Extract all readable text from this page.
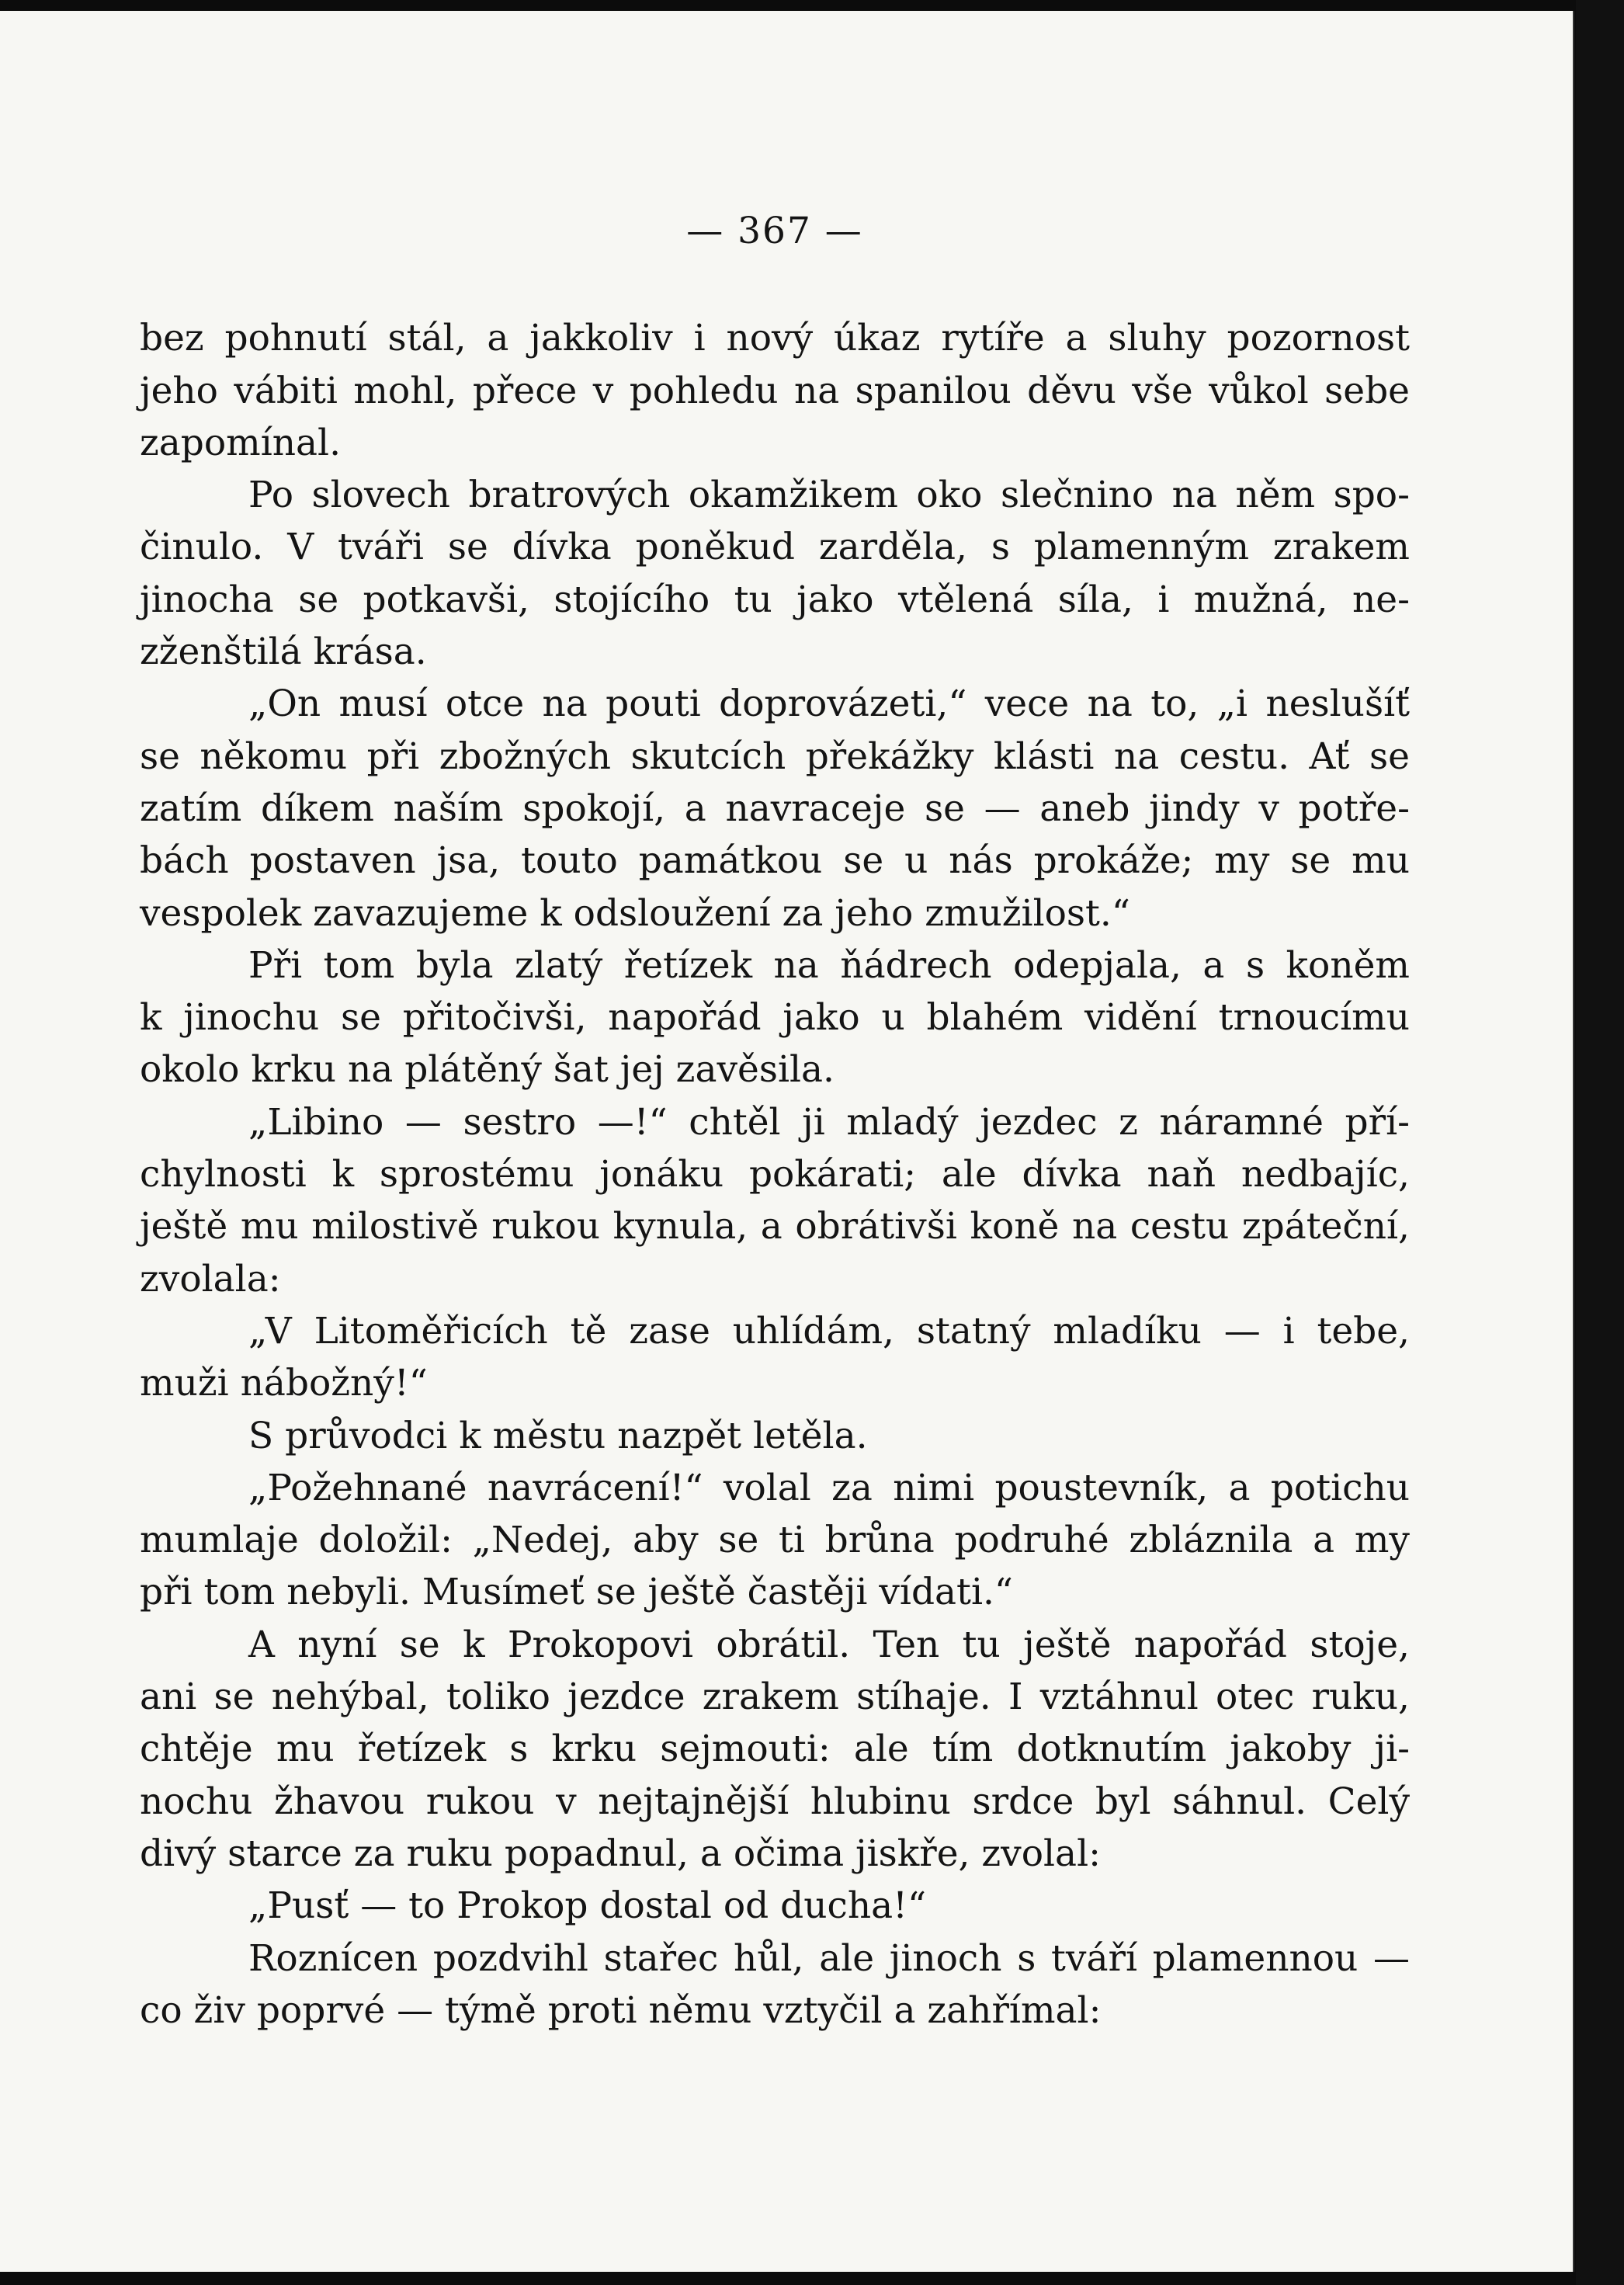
— 367 —
bez pohnutí stál, a jakkoliv i nový úkaz rytíře a sluhy pozornost
jeho vábiti mohl, přece v pohledu na spanilou děvu vše vůkol sebe
zapomínal.
Po slovech bratrových okamžikem oko slečnino na něm spo-
činulo. V tváři se dívka poněkud zarděla, s plamenným zrakem
jinocha se potkavši, stojícího tu jako vtělená síla, i mužná, ne-
zženštilá krása.
„On musí otce na pouti doprovázeti,“ vece na to, „i neslušíť
se někomu při zbožných skutcích překážky klásti na cestu. Ať se
zatím díkem naším spokojí, a navraceje se — aneb jindy v potře-
bách postaven jsa, touto památkou se u nás prokáže; my se mu
vespolek zavazujeme k odsloužení za jeho zmužilost.“
Při tom byla zlatý řetízek na ňádrech odepjala, a s koněm
k jinochu se přitočivši, napořád jako u blahém vidění trnoucímu
okolo krku na plátěný šat jej zavěsila.
„Libino — sestro —!“ chtěl ji mladý jezdec z náramné pří-
chylnosti k sprostému jonáku pokárati; ale dívka naň nedbajíc,
ještě mu milostivě rukou kynula, a obrátivši koně na cestu zpáteční,
zvolala:
„V Litoměřicích tě zase uhlídám, statný mladíku — i tebe,
muži nábožný!“
S průvodci k městu nazpět letěla.
„Požehnané navrácení!“ volal za nimi poustevník, a potichu
mumlaje doložil: „Nedej, aby se ti brůna podruhé zbláznila a my
při tom nebyli. Musímeť se ještě častěji vídati.“
A nyní se k Prokopovi obrátil. Ten tu ještě napořád stoje,
ani se nehýbal, toliko jezdce zrakem stíhaje. I vztáhnul otec ruku,
chtěje mu řetízek s krku sejmouti: ale tím dotknutím jakoby ji-
nochu žhavou rukou v nejtajnější hlubinu srdce byl sáhnul. Celý
divý starce za ruku popadnul, a očima jiskře, zvolal:
„Pusť — to Prokop dostal od ducha!“
Roznícen pozdvihl stařec hůl, ale jinoch s tváří plamennou —
co živ poprvé — týmě proti němu vztyčil a zahřímal:
